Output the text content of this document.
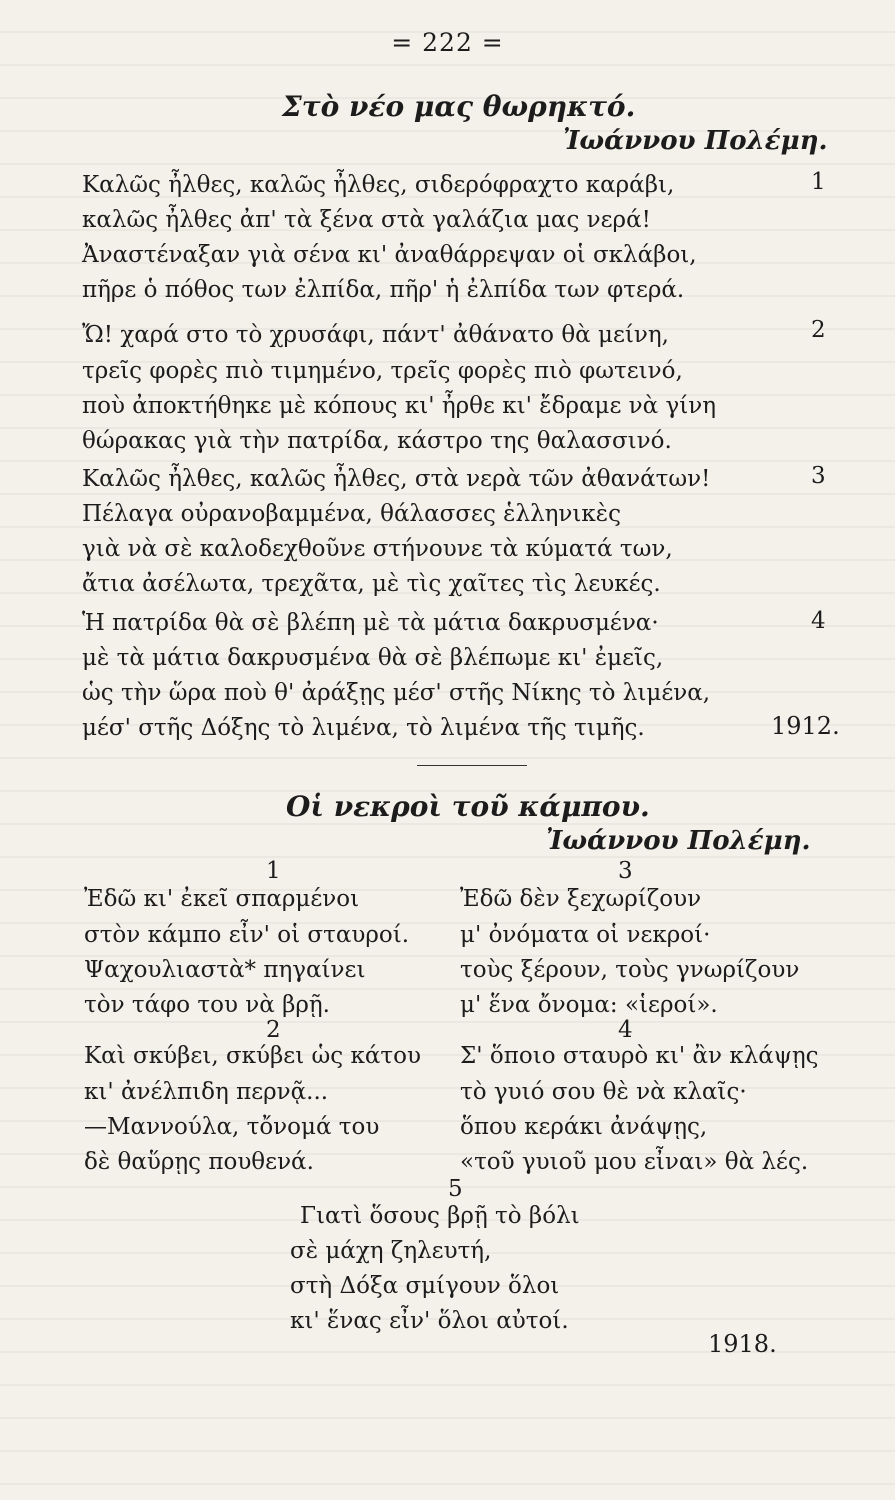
= 222 =
Στὸ νέο μας θωρηκτό.
Ἰωάννου Πολέμη.
Καλῶς ἦλθες, καλῶς ἦλθες, σιδερόφραχτο καράβι,
καλῶς ἦλθες ἀπ' τὰ ξένα στὰ γαλάζια μας νερά!
Ἀναστέναξαν γιὰ σένα κι' ἀναθάρρεψαν οἱ σκλάβοι,
πῆρε ὁ πόθος των ἐλπίδα, πῆρ' ἡ ἐλπίδα των φτερά.
1
Ὤ! χαρά στο τὸ χρυσάφι, πάντ' ἀθάνατο θὰ μείνη,
τρεῖς φορὲς πιὸ τιμημένο, τρεῖς φορὲς πιὸ φωτεινό,
ποὺ ἀποκτήθηκε μὲ κόπους κι' ἦρθε κι' ἔδραμε νὰ γίνη
θώρακας γιὰ τὴν πατρίδα, κάστρο της θαλασσινό.
2
Καλῶς ἦλθες, καλῶς ἦλθες, στὰ νερὰ τῶν ἀθανάτων!
Πέλαγα οὐρανοβαμμένα, θάλασσες ἑλληνικὲς
γιὰ νὰ σὲ καλοδεχθοῦνε στήνουνε τὰ κύματά των,
ἄτια ἀσέλωτα, τρεχᾶτα, μὲ τὶς χαῖτες τὶς λευκές.
3
Ἡ πατρίδα θὰ σὲ βλέπη μὲ τὰ μάτια δακρυσμένα·
μὲ τὰ μάτια δακρυσμένα θὰ σὲ βλέπωμε κι' ἐμεῖς,
ὡς τὴν ὥρα ποὺ θ' ἀράξῃς μέσ' στῆς Νίκης τὸ λιμένα,
μέσ' στῆς Δόξης τὸ λιμένα, τὸ λιμένα τῆς τιμῆς.
4
1912.
Οἱ νεκροὶ τοῦ κάμπου.
Ἰωάννου Πολέμη.
1
Ἐδῶ κι' ἐκεῖ σπαρμένοι
στὸν κάμπο εἶν' οἱ σταυροί.
Ψαχουλιαστὰ* πηγαίνει
τὸν τάφο του νὰ βρῇ.
2
Καὶ σκύβει, σκύβει ὡς κάτου
κι' ἀνέλπιδη περνᾷ...
—Μαννούλα, τὄνομά του
δὲ θαὕρῃς πουθενά.
3
Ἐδῶ δὲν ξεχωρίζουν
μ' ὀνόματα οἱ νεκροί·
τοὺς ξέρουν, τοὺς γνωρίζουν
μ' ἕνα ὄνομα: «ἱεροί».
4
Σ' ὅποιο σταυρὸ κι' ἂν κλάψῃς
τὸ γυιό σου θὲ νὰ κλαῖς·
ὅπου κεράκι ἀνάψῃς,
«τοῦ γυιοῦ μου εἶναι» θὰ λές.
5
Γιατὶ ὅσους βρῇ τὸ βόλι
σὲ μάχη ζηλευτή,
στὴ Δόξα σμίγουν ὅλοι
κι' ἕνας εἶν' ὅλοι αὐτοί.
1918.
